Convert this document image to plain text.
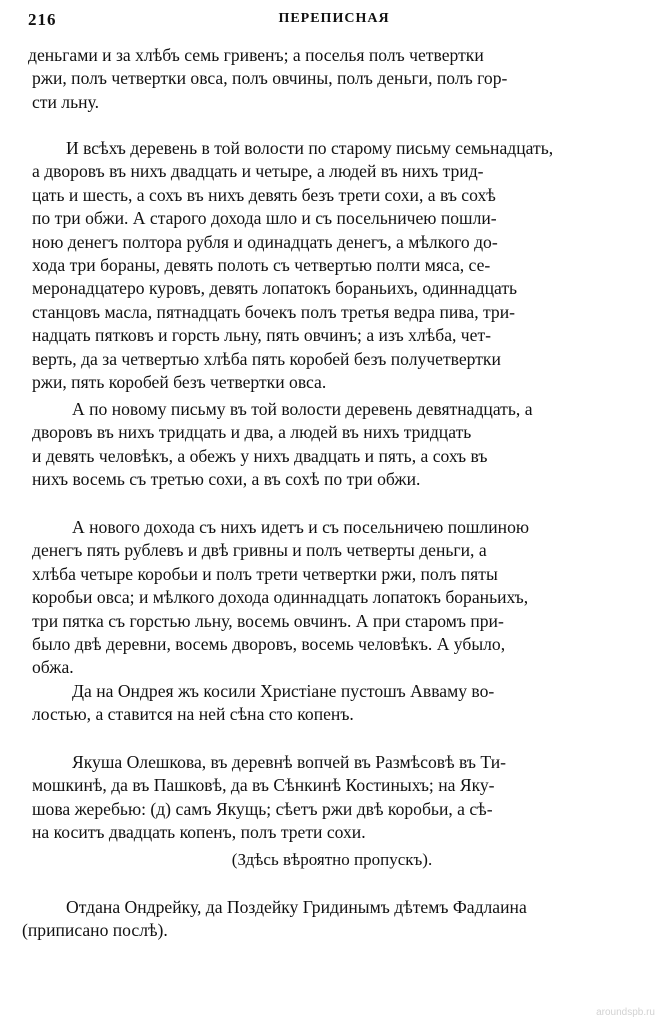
216	ПЕРЕПИСНАЯ
деньгами и за хлѣбъ семь гривенъ; а поселья полъ четвертки
ржи, полъ четвертки овса, полъ овчины, полъ деньги, полъ гор-
сти льну.
И всѣхъ деревень в той волости по старому письму семьнадцать,
а дворовъ въ нихъ двадцать и четыре, а людей въ нихъ трид-
цать и шесть, а сохъ въ нихъ девять безъ трети сохи, а въ сохѣ
по три обжи. А старого дохода шло и съ посельничею пошли-
ною денегъ полтора рубля и одинадцать денегъ, а мѣлкого до-
хода три бораны, девять полоть съ четвертью полти мяса, се-
меронадцатеро куровъ, девять лопатокъ бораньихъ, одиннадцать
станцовъ масла, пятнадцать бочекъ полъ третья ведра пива, три-
надцать пятковъ и горсть льну, пять овчинъ; а изъ хлѣба, чет-
верть, да за четвертью хлѣба пять коробей безъ получетвертки
ржи, пять коробей безъ четвертки овса.
А по новому письму въ той волости деревень девятнадцать, а
дворовъ въ нихъ тридцать и два, а людей въ нихъ тридцать
и девять человѣкъ, а обежъ у нихъ двадцать и пять, а сохъ въ
нихъ восемь съ третью сохи, а въ сохѣ по три обжи.
А нового дохода съ нихъ идетъ и съ посельничею пошлиною
денегъ пять рублевъ и двѣ гривны и полъ четверты деньги, а
хлѣба четыре коробьи и полъ трети четвертки ржи, полъ пяты
коробьи овса; и мѣлкого дохода одиннадцать лопатокъ бораньихъ,
три пятка съ горстью льну, восемь овчинъ. А при старомъ при-
было двѣ деревни, восемь дворовъ, восемь человѣкъ. А убыло,
обжа.
Да на Ондрея жъ косили Христiане пустошъ Авваму во-
лостью, а ставится на ней сѣна сто копенъ.
Якуша Олешкова, въ деревнѣ вопчей въ Размѣсовѣ въ Ти-
мошкинѣ, да въ Пашковѣ, да въ Сѣнкинѣ Костиныхъ; на Яку-
шова жеребью: (д) самъ Якущь; сѣетъ ржи двѣ коробьи, а сѣ-
на коситъ двадцать копенъ, полъ трети сохи.
(Здѣсь вѣроятно пропускъ).
Отдана Ондрейку, да Поздейку Гридинымъ дѣтемъ Фадлаина
(приписано послѣ).
aroundspb.ru
